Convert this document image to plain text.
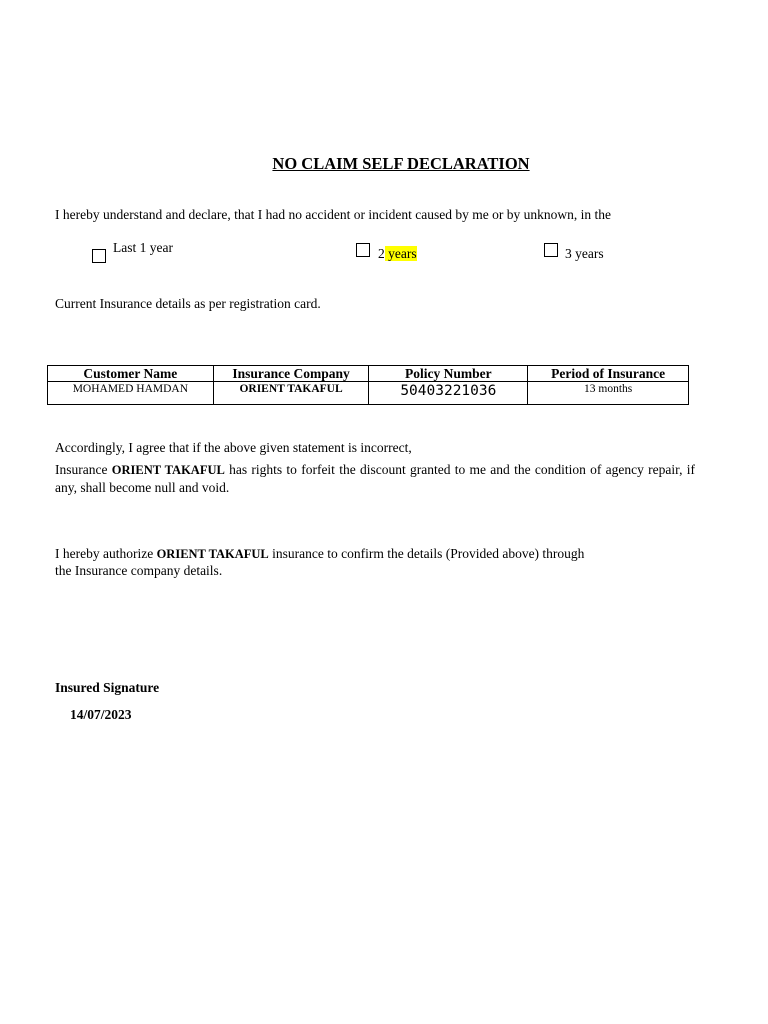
NO CLAIM SELF DECLARATION
I hereby understand and declare, that I had no accident or incident caused by me or by unknown, in the
Last 1 year	2 years	3 years
Current Insurance details as per registration card.
Customer Name	Insurance Company	Policy Number	Period of Insurance
MOHAMED HAMDAN	ORIENT TAKAFUL	50403221036	13 months
Accordingly, I agree that if the above given statement is incorrect,
Insurance ORIENT TAKAFUL has rights to forfeit the discount granted to me and the condition of agency repair, if any, shall become null and void.
I hereby authorize ORIENT TAKAFUL insurance to confirm the details (Provided above) through
the Insurance company details.
Insured Signature
14/07/2023
